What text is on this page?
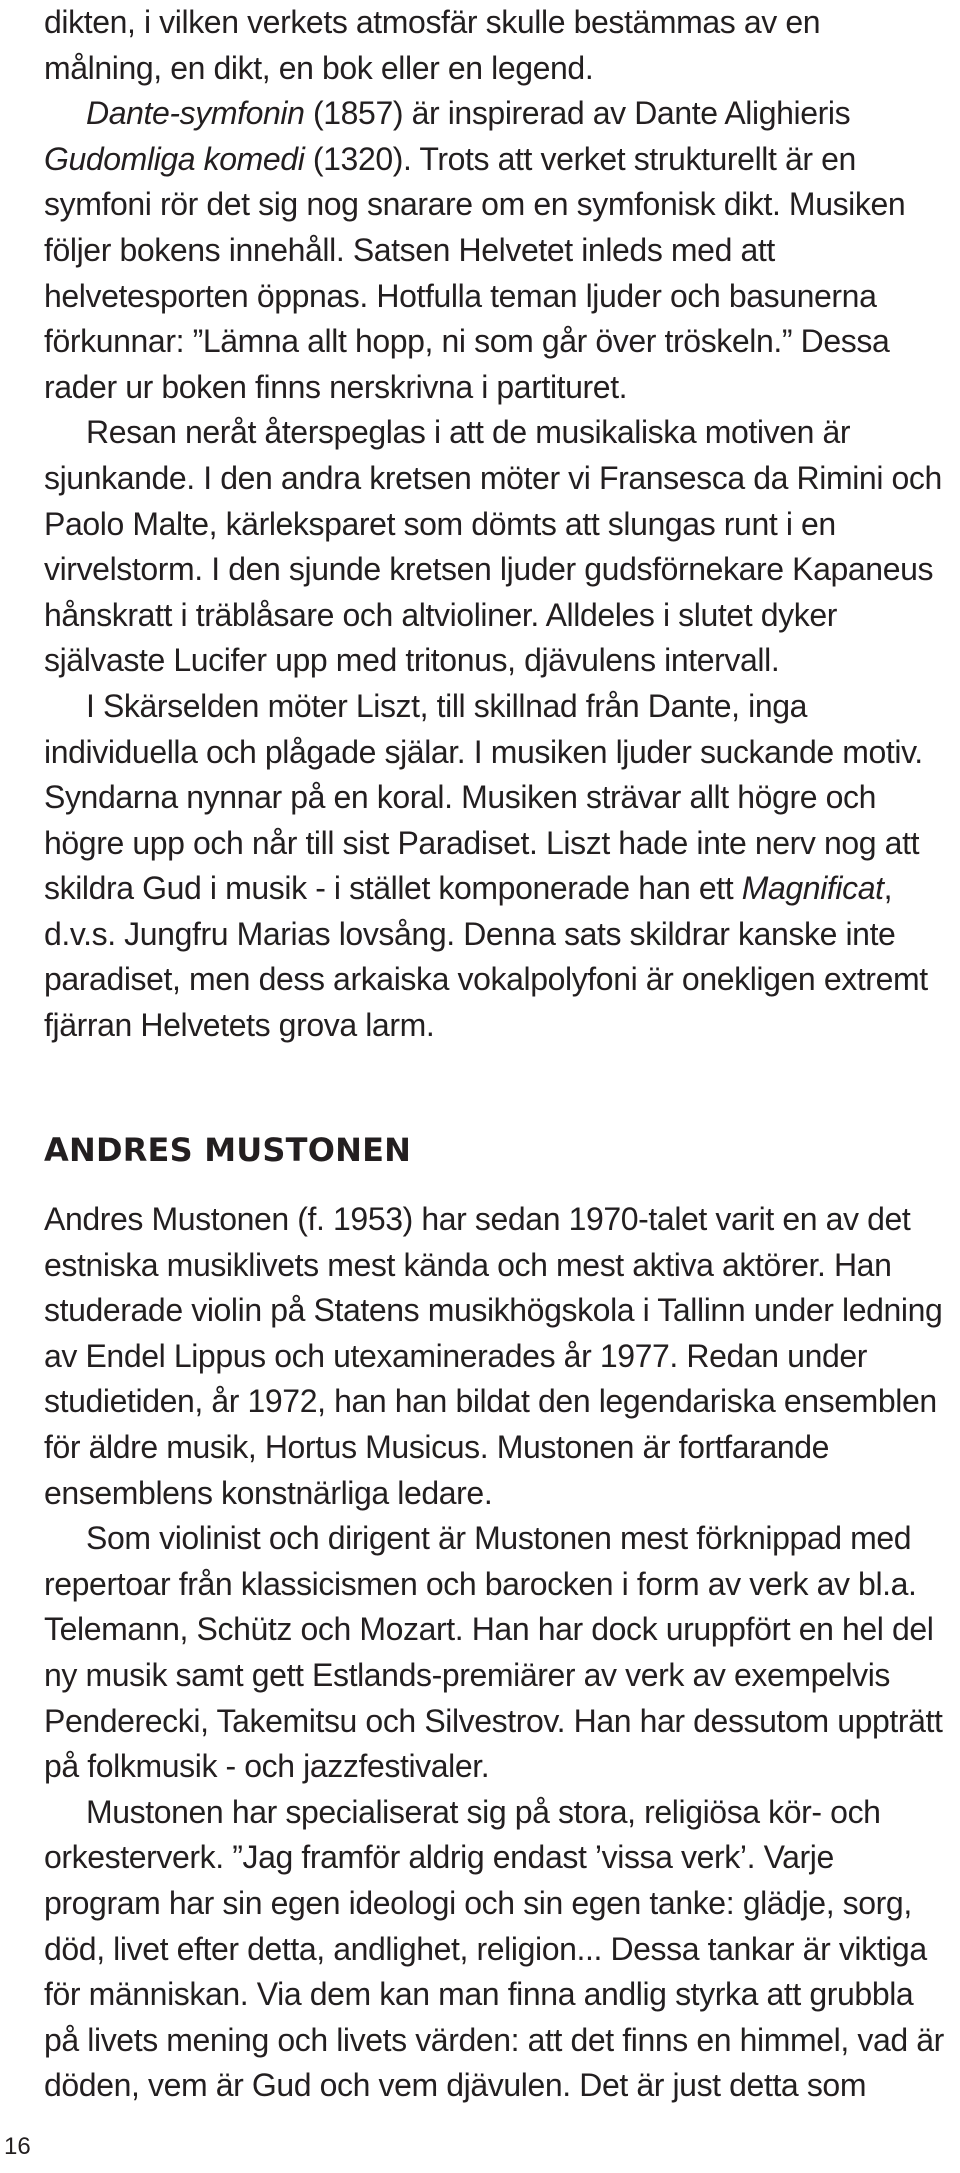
dikten, i vilken verkets atmosfär skulle bestämmas av en målning, en dikt, en bok eller en legend.

Dante-symfonin (1857) är inspirerad av Dante Alighieris Gudomliga komedi (1320). Trots att verket strukturellt är en symfoni rör det sig nog snarare om en symfonisk dikt. Musiken följer bokens innehåll. Satsen Helvetet inleds med att helvetesporten öppnas. Hotfulla teman ljuder och basunerna förkunnar: ”Lämna allt hopp, ni som går över tröskeln.” Dessa rader ur boken finns nerskrivna i partituret.

Resan neråt återspeglas i att de musikaliska motiven är sjunkande. I den andra kretsen möter vi Fransesca da Rimini och Paolo Malte, kärleksparet som dömts att slungas runt i en virvelstorm. I den sjunde kretsen ljuder gudsförnekare Kapaneus hånskratt i träblåsare och altvioliner. Alldeles i slutet dyker självaste Lucifer upp med tritonus, djävulens intervall.

I Skärselden möter Liszt, till skillnad från Dante, inga individuella och plågade själar. I musiken ljuder suckande motiv. Syndarna nynnar på en koral. Musiken strävar allt högre och högre upp och når till sist Paradiset. Liszt hade inte nerv nog att skildra Gud i musik - i stället komponerade han ett Magnificat, d.v.s. Jungfru Marias lovsång. Denna sats skildrar kanske inte paradiset, men dess arkaiska vokalpolyfoni är onekligen extremt fjärran Helvetets grova larm.

ANDRES MUSTONEN

Andres Mustonen (f. 1953) har sedan 1970-talet varit en av det estniska musiklivets mest kända och mest aktiva aktörer. Han studerade violin på Statens musikhögskola i Tallinn under ledning av Endel Lippus och utexaminerades år 1977. Redan under studietiden, år 1972, han han bildat den legendariska ensemblen för äldre musik, Hortus Musicus. Mustonen är fortfarande ensemblens konstnärliga ledare.

Som violinist och dirigent är Mustonen mest förknippad med repertoar från klassicismen och barocken i form av verk av bl.a. Telemann, Schütz och Mozart. Han har dock uruppfört en hel del ny musik samt gett Estlands-premiärer av verk av exempelvis Penderecki, Takemitsu och Silvestrov. Han har dessutom uppträtt på folkmusik - och jazzfestivaler.

Mustonen har specialiserat sig på stora, religiösa kör- och orkesterverk. ”Jag framför aldrig endast ’vissa verk’. Varje program har sin egen ideologi och sin egen tanke: glädje, sorg, död, livet efter detta, andlighet, religion... Dessa tankar är viktiga för människan. Via dem kan man finna andlig styrka att grubbla på livets mening och livets värden: att det finns en himmel, vad är döden, vem är Gud och vem djävulen. Det är just detta som

16
